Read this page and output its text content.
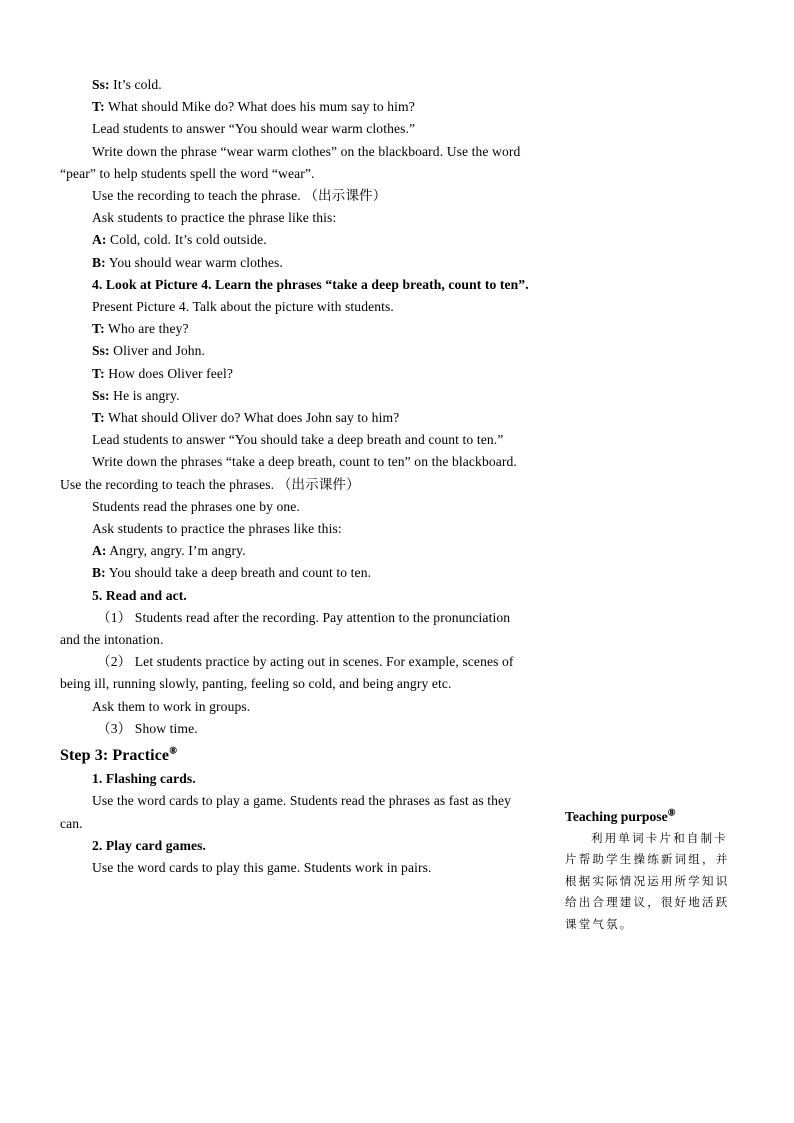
Ss: It’s cold.

T: What should Mike do? What does his mum say to him?

Lead students to answer “You should wear warm clothes.”

Write down the phrase “wear warm clothes” on the blackboard. Use the word “pear” to help students spell the word “wear”.

Use the recording to teach the phrase. （出示课件）

Ask students to practice the phrase like this:

A: Cold, cold. It’s cold outside.

B: You should wear warm clothes.

4. Look at Picture 4. Learn the phrases “take a deep breath, count to ten”.

Present Picture 4. Talk about the picture with students.

T: Who are they?

Ss: Oliver and John.

T: How does Oliver feel?

Ss: He is angry.

T: What should Oliver do? What does John say to him?

Lead students to answer “You should take a deep breath and count to ten.”

Write down the phrases “take a deep breath, count to ten” on the blackboard. Use the recording to teach the phrases. （出示课件）

Students read the phrases one by one.

Ask students to practice the phrases like this:

A: Angry, angry. I’m angry.

B: You should take a deep breath and count to ten.

5. Read and act.

（1） Students read after the recording. Pay attention to the pronunciation and the intonation.

（2） Let students practice by acting out in scenes. For example, scenes of being ill, running slowly, panting, feeling so cold, and being angry etc.

Ask them to work in groups.

（3） Show time.

Step 3: Practice⑧

1. Flashing cards.

Use the word cards to play a game. Students read the phrases as fast as they can.

2. Play card games.

Use the word cards to play this game. Students work in pairs.

Teaching purpose⑧
利用单词卡片和自制卡片帮助学生操练新词组，并根据实际情况运用所学知识给出合理建议，很好地活跃课堂气氛。
